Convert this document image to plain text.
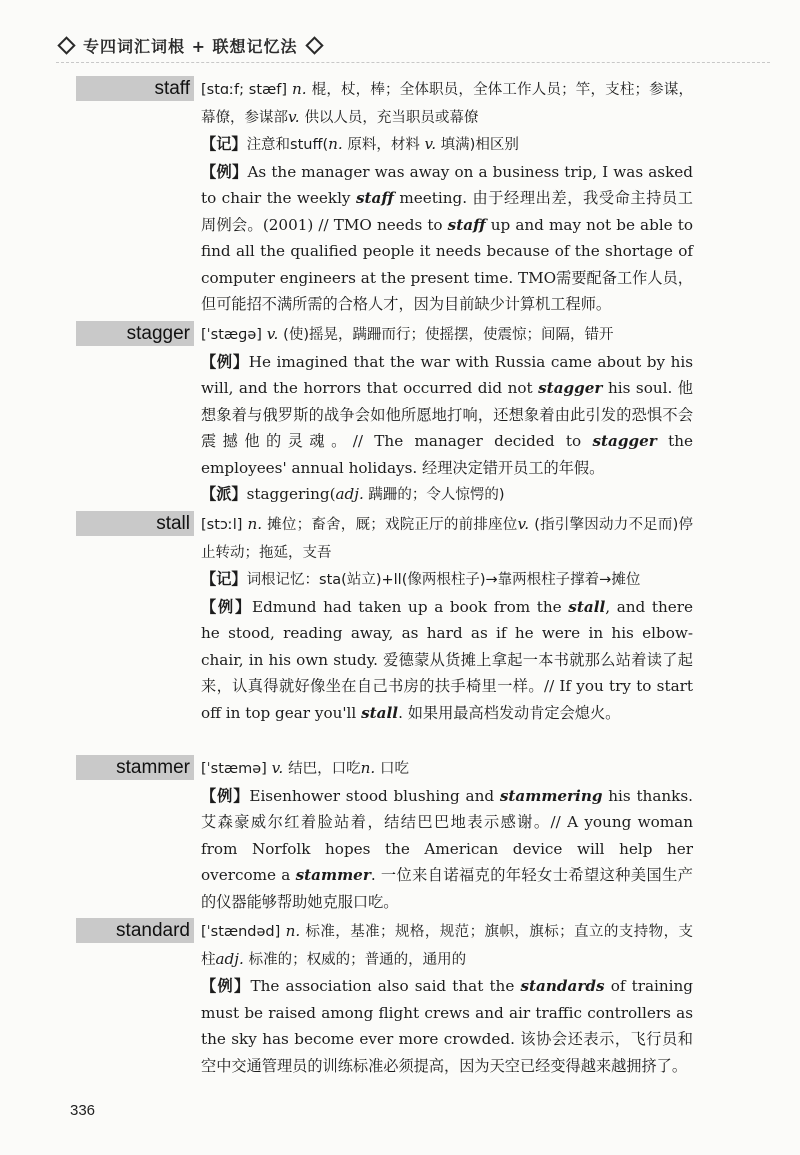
专四词汇词根 + 联想记忆法
staff [stɑːf; stæf] n. 棍，杖，棒；全体职员，全体工作人员；竿，支柱；参谋，幕僚，参谋部v. 供以人员，充当职员或幕僚

【记】注意和stuff(n. 原料，材料 v. 填满)相区别

【例】As the manager was away on a business trip, I was asked to chair the weekly staff meeting. 由于经理出差，我受命主持员工周例会。(2001) // TMO needs to staff up and may not be able to find all the qualified people it needs because of the shortage of computer engineers at the present time. TMO需要配备工作人员，但可能招不满所需的合格人才，因为目前缺少计算机工程师。

stagger [ˈstæɡə] v. (使)摇晃，蹒跚而行；使摇摆，使震惊；间隔，错开

【例】He imagined that the war with Russia came about by his will, and the horrors that occurred did not stagger his soul. 他想象着与俄罗斯的战争会如他所愿地打响，还想象着由此引发的恐惧不会震撼他的灵魂。// The manager decided to stagger the employees' annual holidays. 经理决定错开员工的年假。

【派】staggering(adj. 蹒跚的；令人惊愕的)

stall [stɔːl] n. 摊位；畜舍，厩；戏院正厅的前排座位v. (指引擎因动力不足而)停止转动；拖延，支吾

【记】词根记忆：sta(站立)+ll(像两根柱子)→靠两根柱子撑着→摊位

【例】Edmund had taken up a book from the stall, and there he stood, reading away, as hard as if he were in his elbow-chair, in his own study. 爱德蒙从货摊上拿起一本书就那么站着读了起来，认真得就好像坐在自己书房的扶手椅里一样。// If you try to start off in top gear you'll stall. 如果用最高档发动肯定会熄火。

stammer [ˈstæmə] v. 结巴，口吃n. 口吃

【例】Eisenhower stood blushing and stammering his thanks. 艾森豪威尔红着脸站着，结结巴巴地表示感谢。// A young woman from Norfolk hopes the American device will help her overcome a stammer. 一位来自诺福克的年轻女士希望这种美国生产的仪器能够帮助她克服口吃。

standard [ˈstændəd] n. 标准，基准；规格，规范；旗帜，旗标；直立的支持物，支柱adj. 标准的；权威的；普通的，通用的

【例】The association also said that the standards of training must be raised among flight crews and air traffic controllers as the sky has become ever more crowded. 该协会还表示，飞行员和空中交通管理员的训练标准必须提高，因为天空已经变得越来越拥挤了。

336
